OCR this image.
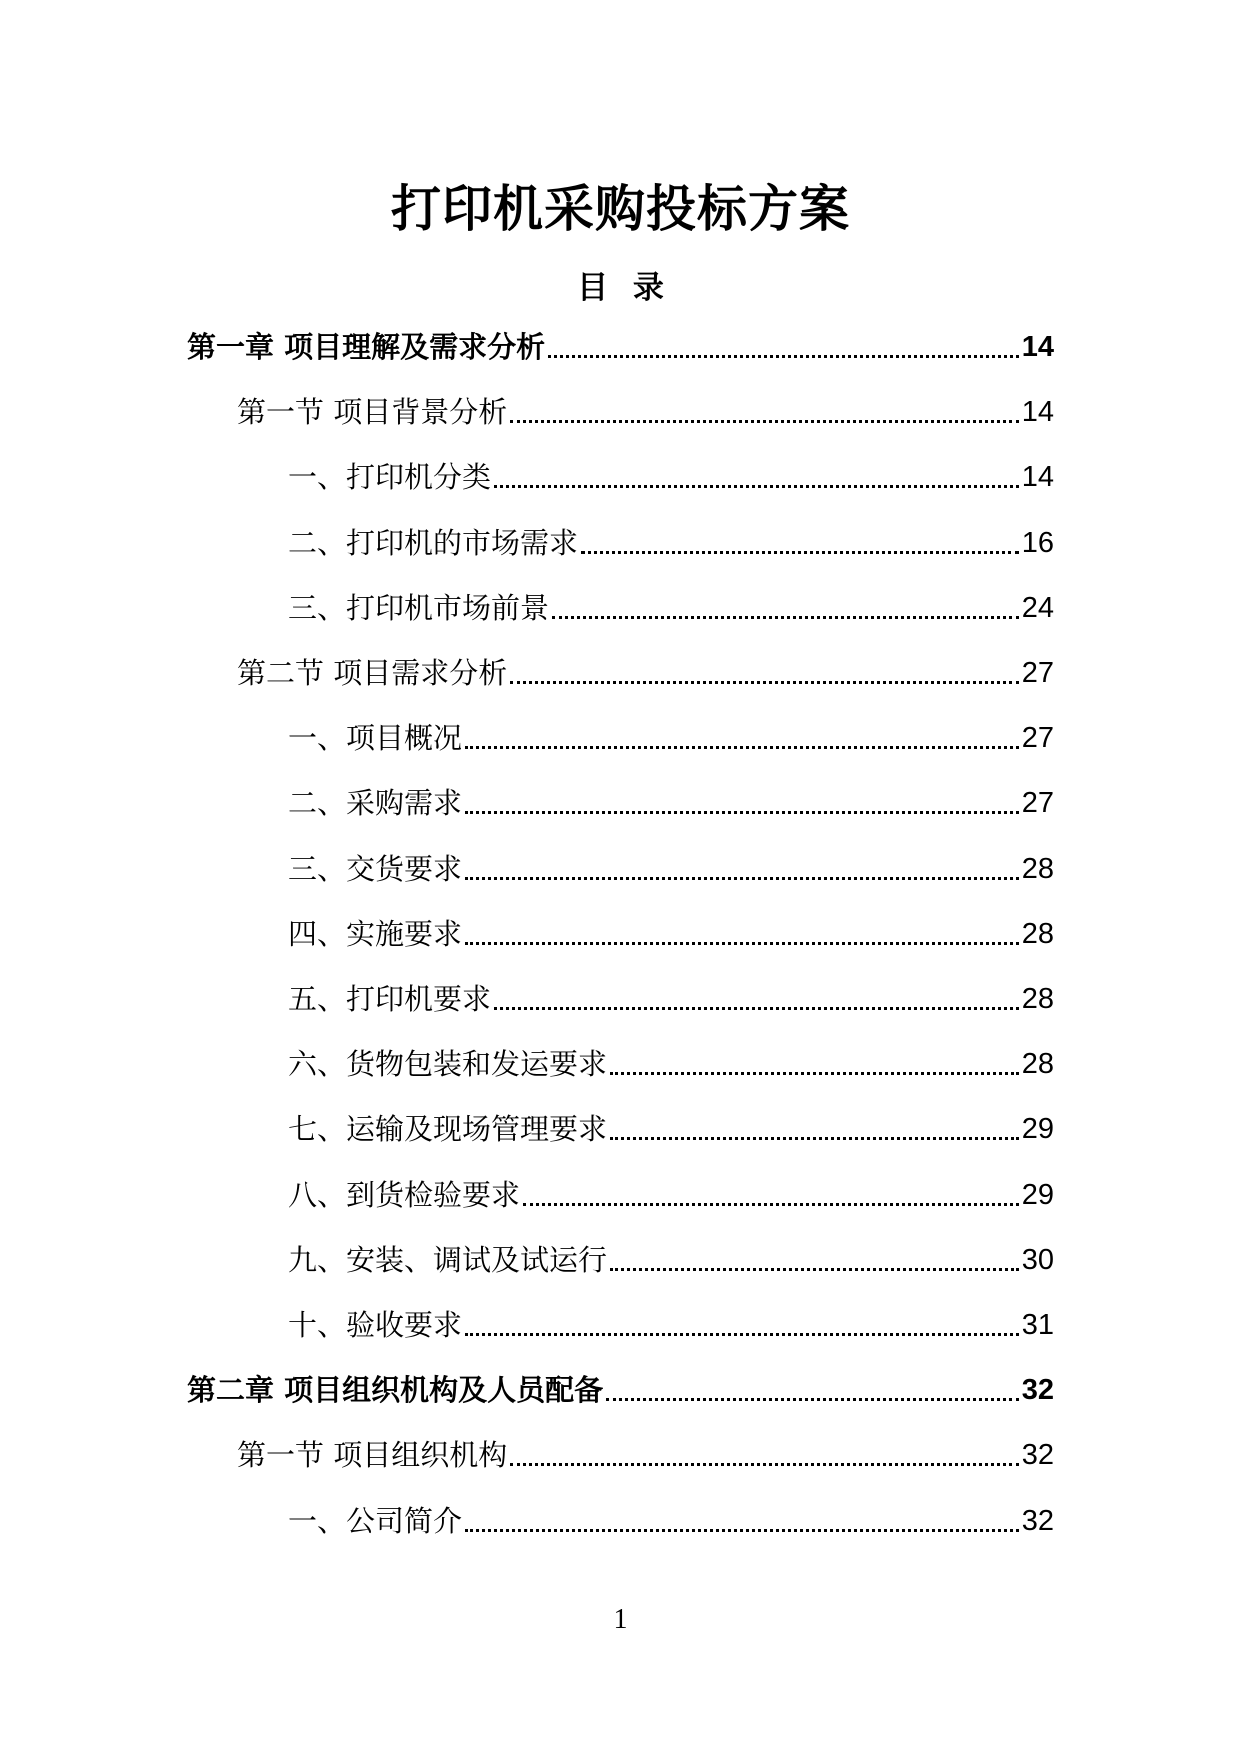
打印机采购投标方案
目 录
第一章 项目理解及需求分析	14
第一节 项目背景分析	14
一、打印机分类	14
二、打印机的市场需求	16
三、打印机市场前景	24
第二节 项目需求分析	27
一、项目概况	27
二、采购需求	27
三、交货要求	28
四、实施要求	28
五、打印机要求	28
六、货物包装和发运要求	28
七、运输及现场管理要求	29
八、到货检验要求	29
九、安装、调试及试运行	30
十、验收要求	31
第二章 项目组织机构及人员配备	32
第一节 项目组织机构	32
一、公司简介	32
1
